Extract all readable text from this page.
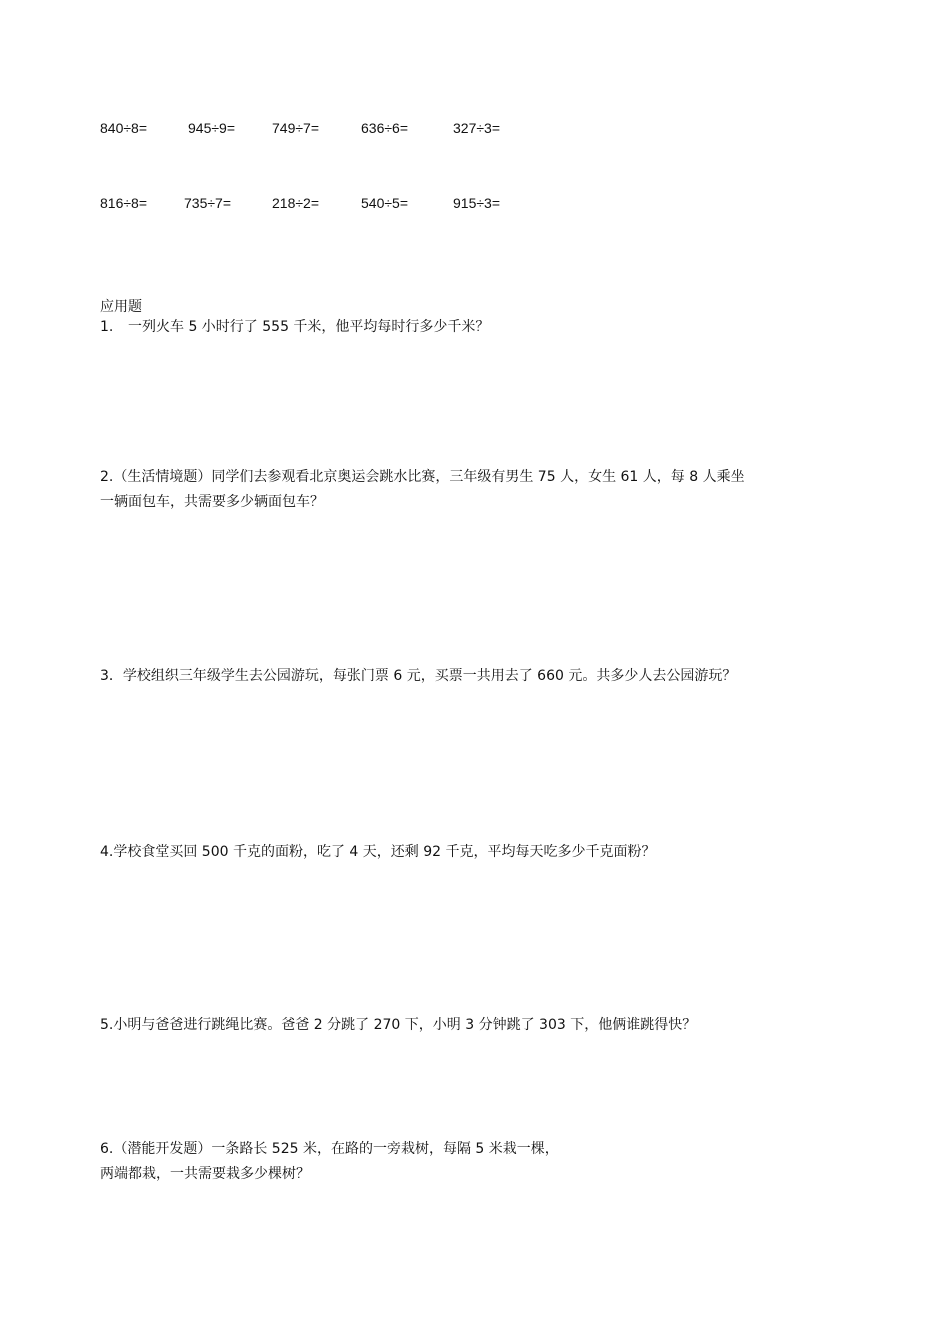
840÷8=	945÷9=	749÷7=	636÷6=	327÷3=
816÷8=	735÷7=	218÷2=	540÷5=	915÷3=
应用题
1. 一列火车 5 小时行了 555 千米，他平均每时行多少千米？
2.（生活情境题）同学们去参观看北京奥运会跳水比赛，三年级有男生 75 人，女生 61 人，每 8 人乘坐
一辆面包车，共需要多少辆面包车？
3．学校组织三年级学生去公园游玩，每张门票 6 元，买票一共用去了 660 元。共多少人去公园游玩？
4.学校食堂买回 500 千克的面粉，吃了 4 天，还剩 92 千克，平均每天吃多少千克面粉？
5.小明与爸爸进行跳绳比赛。爸爸 2 分跳了 270 下，小明 3 分钟跳了 303 下，他俩谁跳得快？
6.（潜能开发题）一条路长 525 米，在路的一旁栽树，每隔 5 米栽一棵，
两端都栽，一共需要栽多少棵树？
